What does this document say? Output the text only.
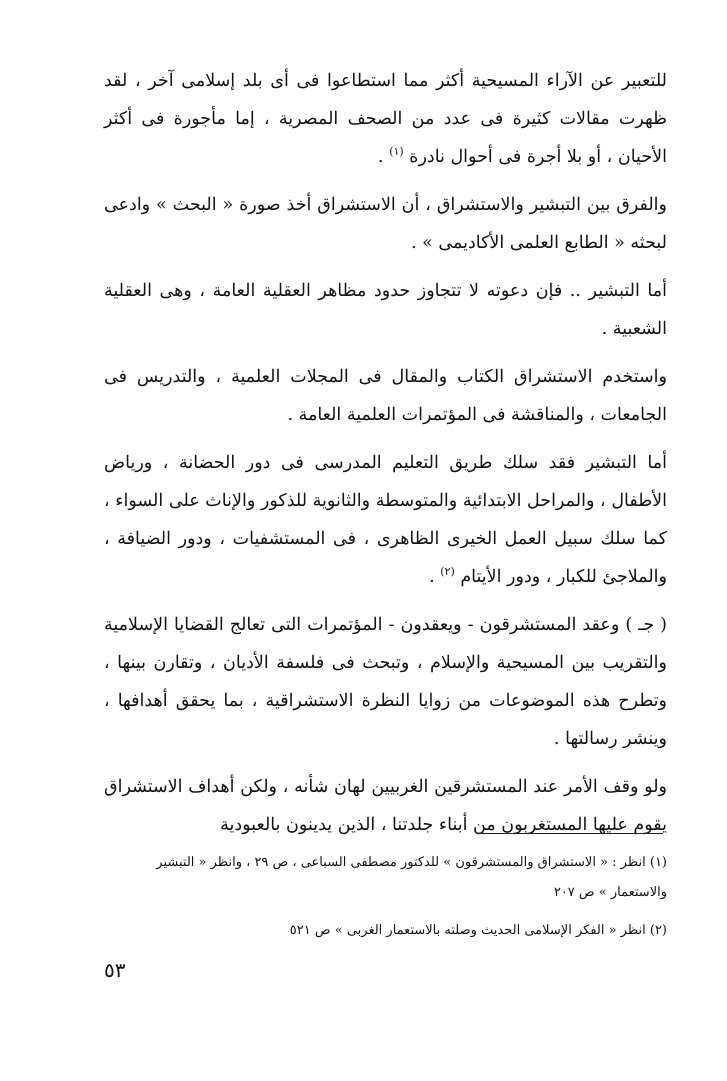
للتعبير عن الآراء المسيحية أكثر مما استطاعوا فى أى بلد إسلامى آخر ، لقد ظهرت مقالات كثيرة فى عدد من الصحف المصرية ، إما مأجورة فى أكثر الأحيان ، أو بلا أجرة فى أحوال نادرة $^{(١)}$ .

والفرق بين التبشير والاستشراق ، أن الاستشراق أخذ صورة « البحث » وادعى لبحثه « الطابع العلمى الأكاديمى » .

أما التبشير .. فإن دعوته لا تتجاوز حدود مظاهر العقلية العامة ، وهى العقلية الشعبية .

واستخدم الاستشراق الكتاب والمقال فى المجلات العلمية ، والتدريس فى الجامعات ، والمناقشة فى المؤتمرات العلمية العامة .

أما التبشير فقد سلك طريق التعليم المدرسى فى دور الحضانة ، ورياض الأطفال ، والمراحل الابتدائية والمتوسطة والثانوية للذكور والإناث على السواء ، كما سلك سبيل العمل الخيرى الظاهرى ، فى المستشفيات ، ودور الضيافة ، والملاجئ للكبار ، ودور الأيتام $^{(٢)}$ .

( جـ ) وعقد المستشرقون - ويعقدون - المؤتمرات التى تعالج القضايا الإسلامية والتقريب بين المسيحية والإسلام ، وتبحث فى فلسفة الأديان ، وتقارن بينها ، وتطرح هذه الموضوعات من زوايا النظرة الاستشراقية ، بما يحقق أهدافها ، وينشر رسالتها .

ولو وقف الأمر عند المستشرقين الغربيين لهان شأنه ، ولكن أهداف الاستشراق يقوم عليها المستغربون من أبناء جلدتنا ، الذين يدينون بالعبودية

(١) انظر : « الاستشراق والمستشرقون » للدكتور مصطفى السباعى ، ص ٢٩ ، وانظر « التبشير والاستعمار » ص ٢٠٧

(٢) انظر « الفكر الإسلامى الحديث وصلته بالاستعمار الغربى » ص ٥٢١

٥٣
